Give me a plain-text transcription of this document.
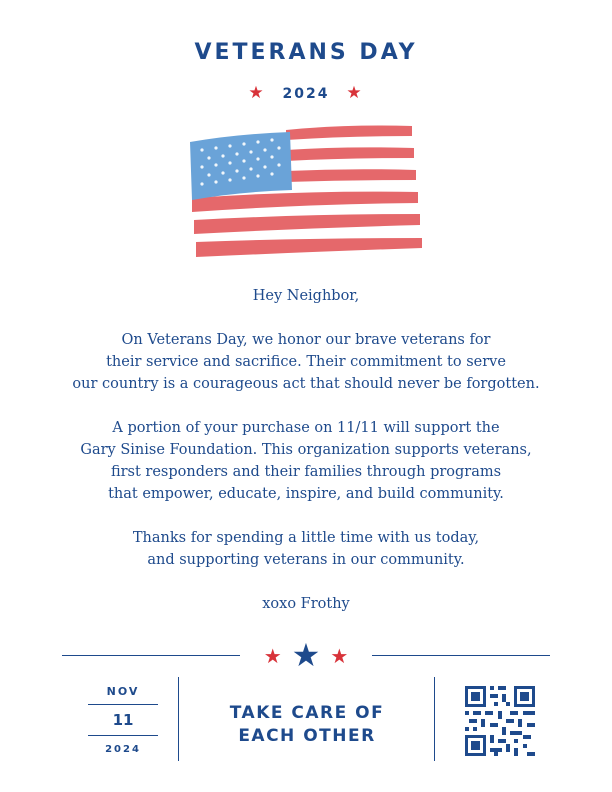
VETERANS DAY
★ 2024 ★

Hey Neighbor,

On Veterans Day, we honor our brave veterans for
their service and sacrifice. Their commitment to serve
our country is a courageous act that should never be forgotten.

A portion of your purchase on 11/11 will support the
Gary Sinise Foundation. This organization supports veterans,
first responders and their families through programs
that empower, educate, inspire, and build community.

Thanks for spending a little time with us today,
and supporting veterans in our community.

xoxo Frothy

★ ★ ★
NOV
11
2024
TAKE CARE OF
EACH OTHER
